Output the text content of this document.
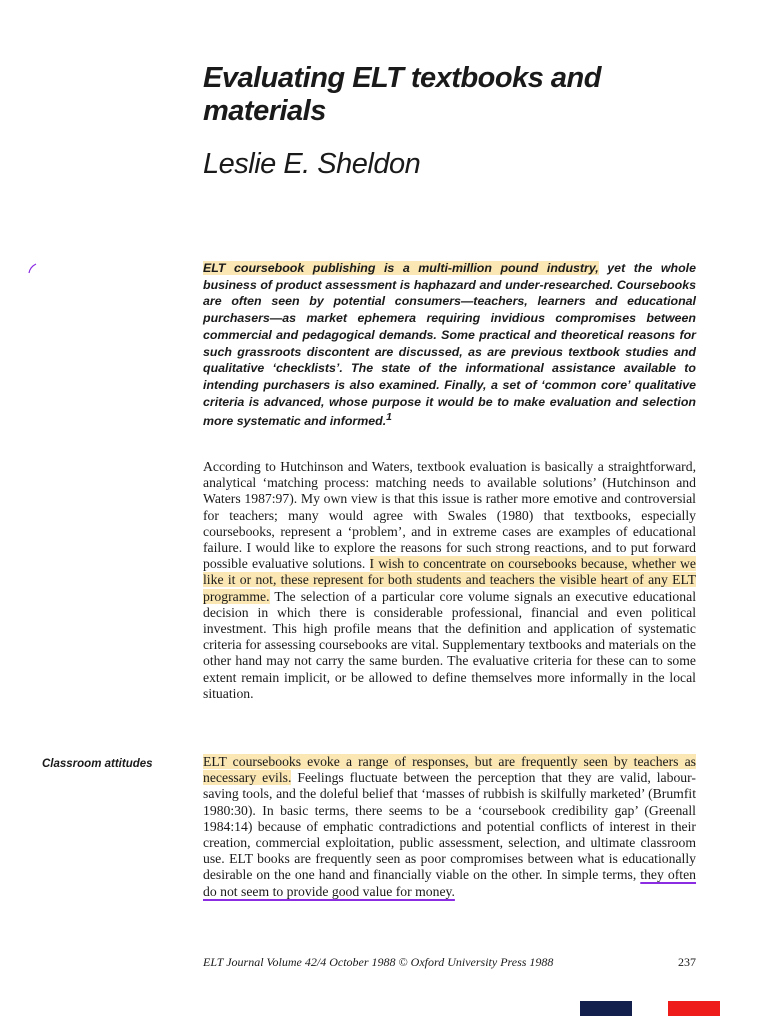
Evaluating ELT textbooks and materials
Leslie E. Sheldon

ELT coursebook publishing is a multi-million pound industry, yet the whole business of product assessment is haphazard and under-researched. Coursebooks are often seen by potential consumers—teachers, learners and educational purchasers—as market ephemera requiring invidious compromises between commercial and pedagogical demands. Some practical and theoretical reasons for such grassroots discontent are discussed, as are previous textbook studies and qualitative ‘checklists’. The state of the informational assistance available to intending purchasers is also examined. Finally, a set of ‘common core’ qualitative criteria is advanced, whose purpose it would be to make evaluation and selection more systematic and informed.$^1$

According to Hutchinson and Waters, textbook evaluation is basically a straightforward, analytical ‘matching process: matching needs to available solutions’ (Hutchinson and Waters 1987:97). My own view is that this issue is rather more emotive and controversial for teachers; many would agree with Swales (1980) that textbooks, especially coursebooks, represent a ‘problem’, and in extreme cases are examples of educational failure. I would like to explore the reasons for such strong reactions, and to put forward possible evaluative solutions. I wish to concentrate on coursebooks because, whether we like it or not, these represent for both students and teachers the visible heart of any ELT programme. The selection of a particular core volume signals an executive educational decision in which there is considerable professional, financial and even political investment. This high profile means that the definition and application of systematic criteria for assessing coursebooks are vital. Supplementary textbooks and materials on the other hand may not carry the same burden. The evaluative criteria for these can to some extent remain implicit, or be allowed to define themselves more informally in the local situation.

Classroom attitudes	ELT coursebooks evoke a range of responses, but are frequently seen by teachers as necessary evils. Feelings fluctuate between the perception that they are valid, labour-saving tools, and the doleful belief that ‘masses of rubbish is skilfully marketed’ (Brumfit 1980:30). In basic terms, there seems to be a ‘coursebook credibility gap’ (Greenall 1984:14) because of emphatic contradictions and potential conflicts of interest in their creation, commercial exploitation, public assessment, selection, and ultimate classroom use. ELT books are frequently seen as poor compromises between what is educationally desirable on the one hand and financially viable on the other. In simple terms, they often do not seem to provide good value for money.

ELT Journal Volume 42/4 October 1988 © Oxford University Press 1988	237
